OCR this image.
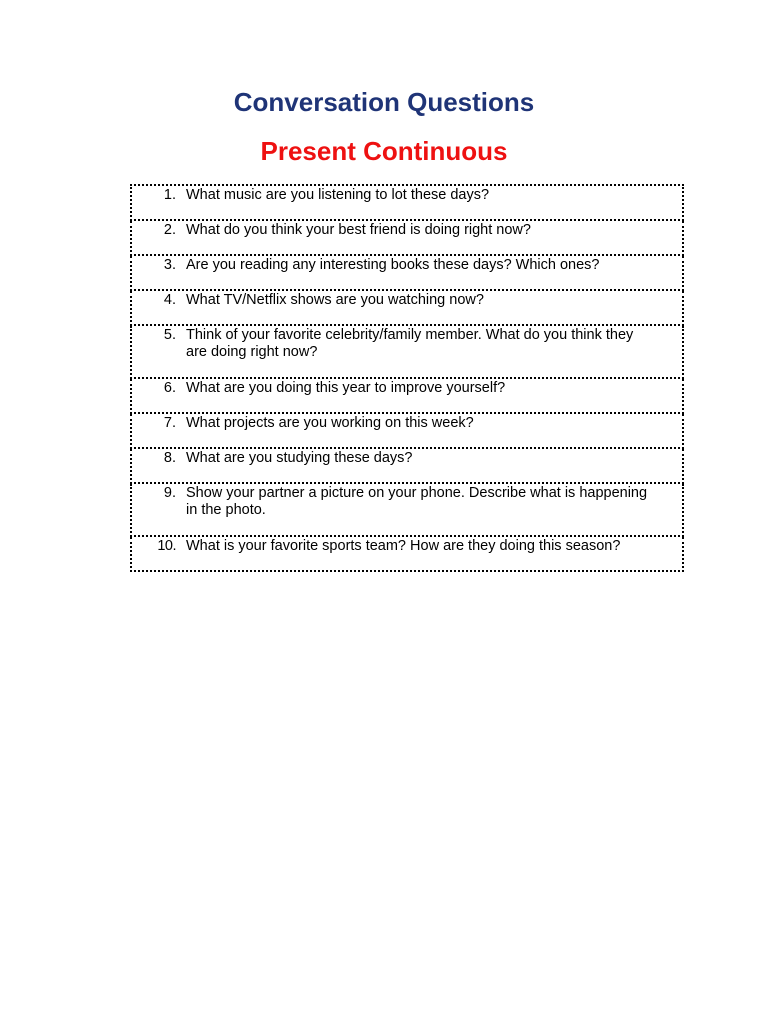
Conversation Questions
Present Continuous
1. What music are you listening to lot these days?

2. What do you think your best friend is doing right now?

3. Are you reading any interesting books these days? Which ones?

4. What TV/Netflix shows are you watching now?

5. Think of your favorite celebrity/family member. What do you think they are doing right now?

6. What are you doing this year to improve yourself?

7. What projects are you working on this week?

8. What are you studying these days?

9. Show your partner a picture on your phone. Describe what is happening in the photo.

10. What is your favorite sports team? How are they doing this season?
